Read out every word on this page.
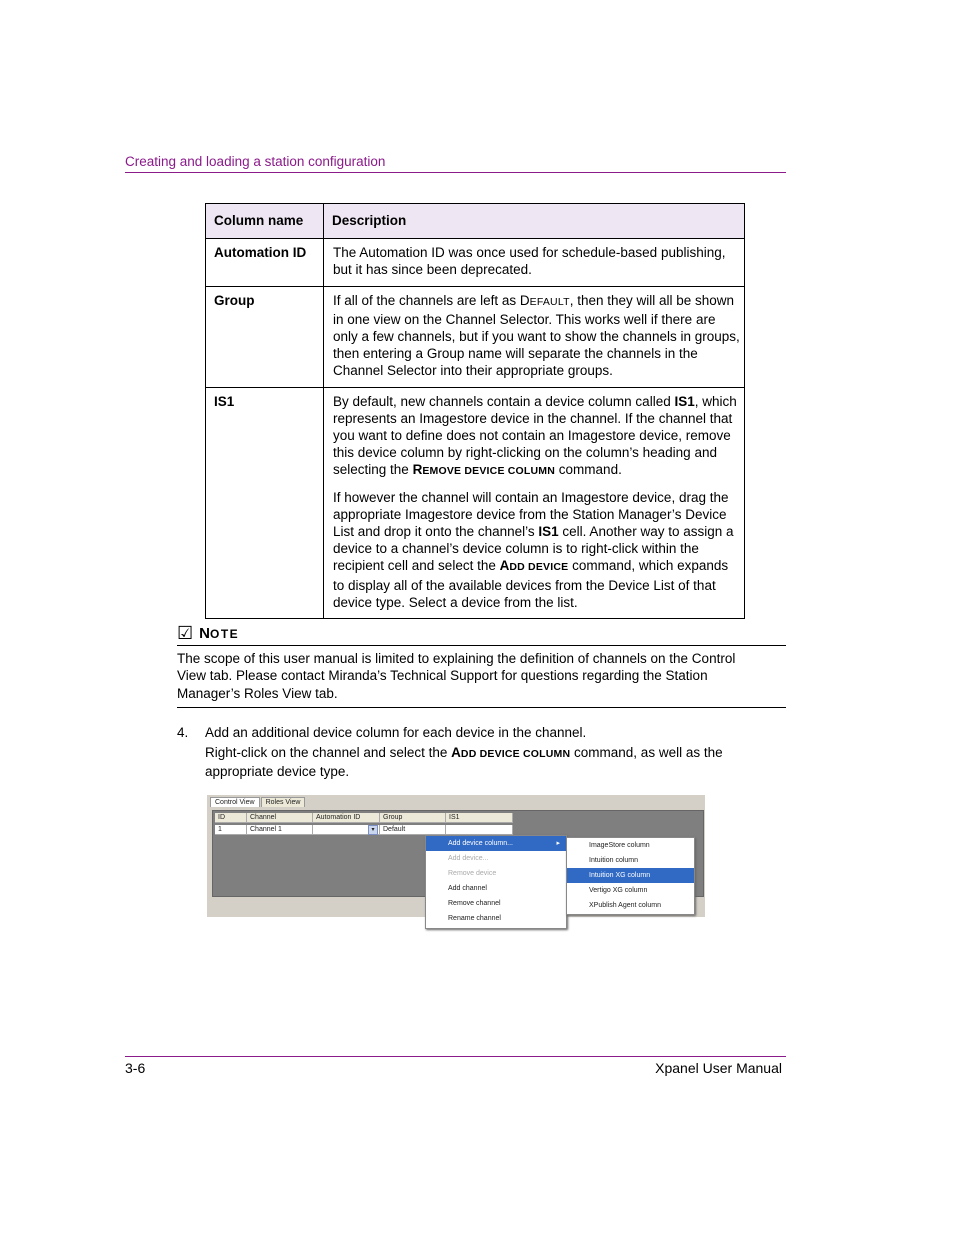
Creating and loading a station configuration
Column name	Description
Automation ID	The Automation ID was once used for schedule-based publishing, but it has since been deprecated.
Group	If all of the channels are left as DEFAULT, then they will all be shown in one view on the Channel Selector. This works well if there are only a few channels, but if you want to show the channels in groups, then entering a Group name will separate the channels in the Channel Selector into their appropriate groups.
IS1	By default, new channels contain a device column called IS1, which represents an Imagestore device in the channel. If the channel that you want to define does not contain an Imagestore device, remove this device column by right-clicking on the column’s heading and selecting the REMOVE DEVICE COLUMN command.

If however the channel will contain an Imagestore device, drag the appropriate Imagestore device from the Station Manager’s Device List and drop it onto the channel’s IS1 cell. Another way to assign a device to a channel’s device column is to right-click within the recipient cell and select the ADD DEVICE command, which expands to display all of the available devices from the Device List of that device type. Select a device from the list.

☑ NOTE
The scope of this user manual is limited to explaining the definition of channels on the Control View tab. Please contact Miranda’s Technical Support for questions regarding the Station Manager’s Roles View tab.
4. Add an additional device column for each device in the channel.
Right-click on the channel and select the ADD DEVICE COLUMN command, as well as the appropriate device type.
Control View	Roles View
ID	Channel	Automation ID	Group	IS1
1	Channel 1	▾	Default
Add device column...	▸
Add device...
Remove device
Add channel
Remove channel
Rename channel
ImageStore column
Intuition column
Intuition XG column
Vertigo XG column
XPublish Agent column
3-6	Xpanel User Manual
